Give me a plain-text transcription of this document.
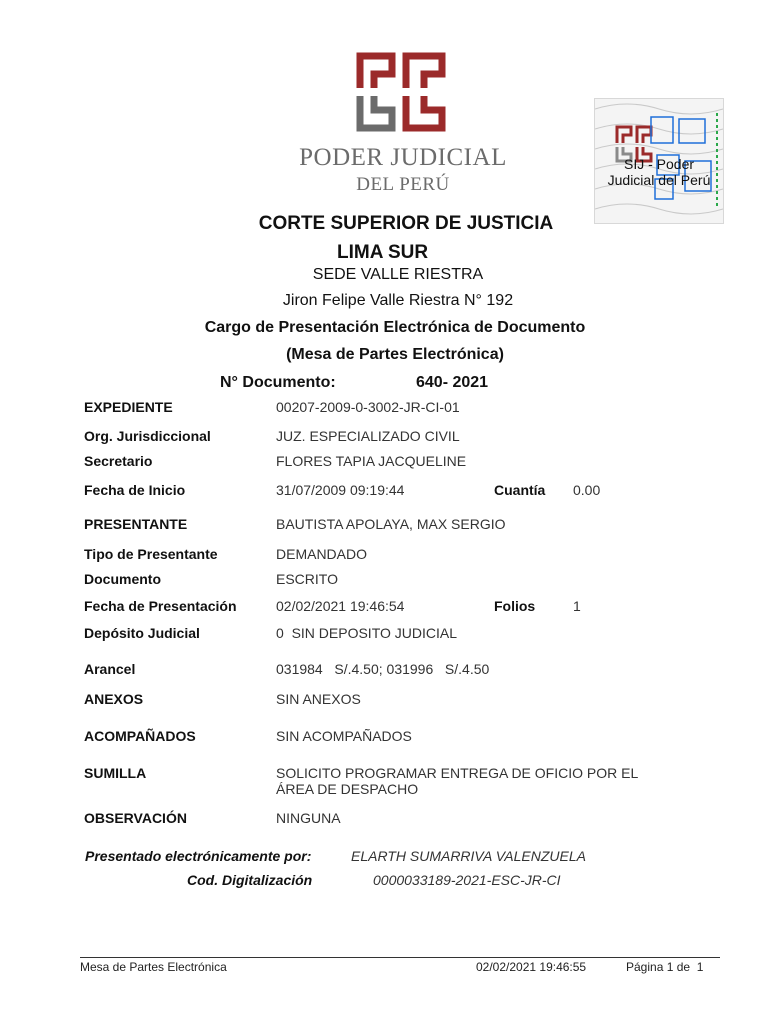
PODER JUDICIAL
DEL PERÚ
SIJ - Poder
Judicial del Perú
CORTE SUPERIOR DE JUSTICIA
LIMA SUR
SEDE VALLE RIESTRA
Jiron Felipe Valle Riestra N° 192
Cargo de Presentación Electrónica de Documento
(Mesa de Partes Electrónica)
N° Documento:	640- 2021
EXPEDIENTE	00207-2009-0-3002-JR-CI-01
Org. Jurisdiccional	JUZ. ESPECIALIZADO CIVIL
Secretario	FLORES TAPIA JACQUELINE
Fecha de Inicio	31/07/2009 09:19:44	Cuantía 0.00
PRESENTANTE	BAUTISTA APOLAYA, MAX SERGIO
Tipo de Presentante	DEMANDADO
Documento	ESCRITO
Fecha de Presentación	02/02/2021 19:46:54	Folios	1
Depósito Judicial	0  SIN DEPOSITO JUDICIAL
Arancel	031984   S/.4.50; 031996   S/.4.50
ANEXOS	SIN ANEXOS
ACOMPAÑADOS	SIN ACOMPAÑADOS
SUMILLA	SOLICITO PROGRAMAR ENTREGA DE OFICIO POR EL
ÁREA DE DESPACHO
OBSERVACIÓN	NINGUNA
Presentado electrónicamente por:	ELARTH SUMARRIVA VALENZUELA
Cod. Digitalización	0000033189-2021-ESC-JR-CI
Mesa de Partes Electrónica	02/02/2021 19:46:55	Página 1 de  1
